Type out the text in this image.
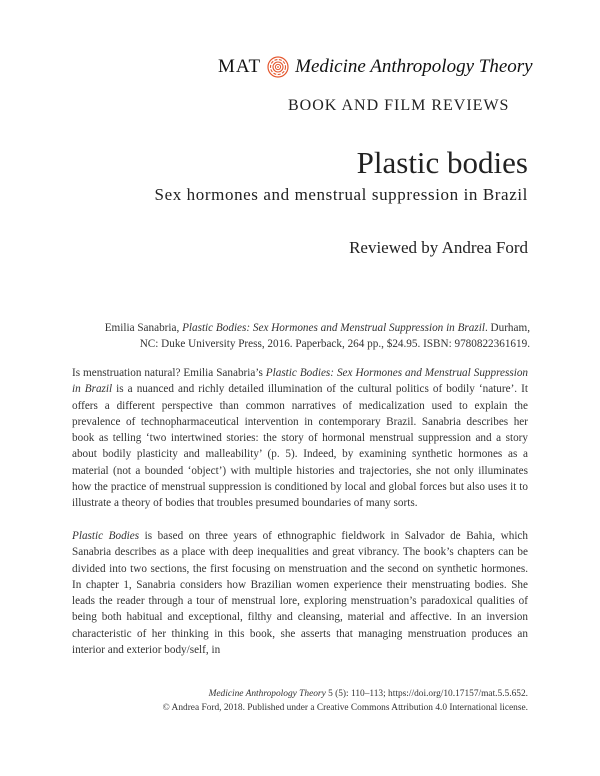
MAT Medicine Anthropology Theory
BOOK AND FILM REVIEWS
Plastic bodies
Sex hormones and menstrual suppression in Brazil
Reviewed by Andrea Ford
Emilia Sanabria, Plastic Bodies: Sex Hormones and Menstrual Suppression in Brazil. Durham, NC: Duke University Press, 2016. Paperback, 264 pp., $24.95. ISBN: 9780822361619.

Is menstruation natural? Emilia Sanabria’s Plastic Bodies: Sex Hormones and Menstrual Suppression in Brazil is a nuanced and richly detailed illumination of the cultural politics of bodily ‘nature’. It offers a different perspective than common narratives of medicalization used to explain the prevalence of technopharmaceutical intervention in contemporary Brazil. Sanabria describes her book as telling ‘two intertwined stories: the story of hormonal menstrual suppression and a story about bodily plasticity and malleability’ (p. 5). Indeed, by examining synthetic hormones as a material (not a bounded ‘object’) with multiple histories and trajectories, she not only illuminates how the practice of menstrual suppression is conditioned by local and global forces but also uses it to illustrate a theory of bodies that troubles presumed boundaries of many sorts.

Plastic Bodies is based on three years of ethnographic fieldwork in Salvador de Bahia, which Sanabria describes as a place with deep inequalities and great vibrancy. The book’s chapters can be divided into two sections, the first focusing on menstruation and the second on synthetic hormones. In chapter 1, Sanabria considers how Brazilian women experience their menstruating bodies. She leads the reader through a tour of menstrual lore, exploring menstruation’s paradoxical qualities of being both habitual and exceptional, filthy and cleansing, material and affective. In an inversion characteristic of her thinking in this book, she asserts that managing menstruation produces an interior and exterior body/self, in

Medicine Anthropology Theory 5 (5): 110–113; https://doi.org/10.17157/mat.5.5.652.
© Andrea Ford, 2018. Published under a Creative Commons Attribution 4.0 International license.
